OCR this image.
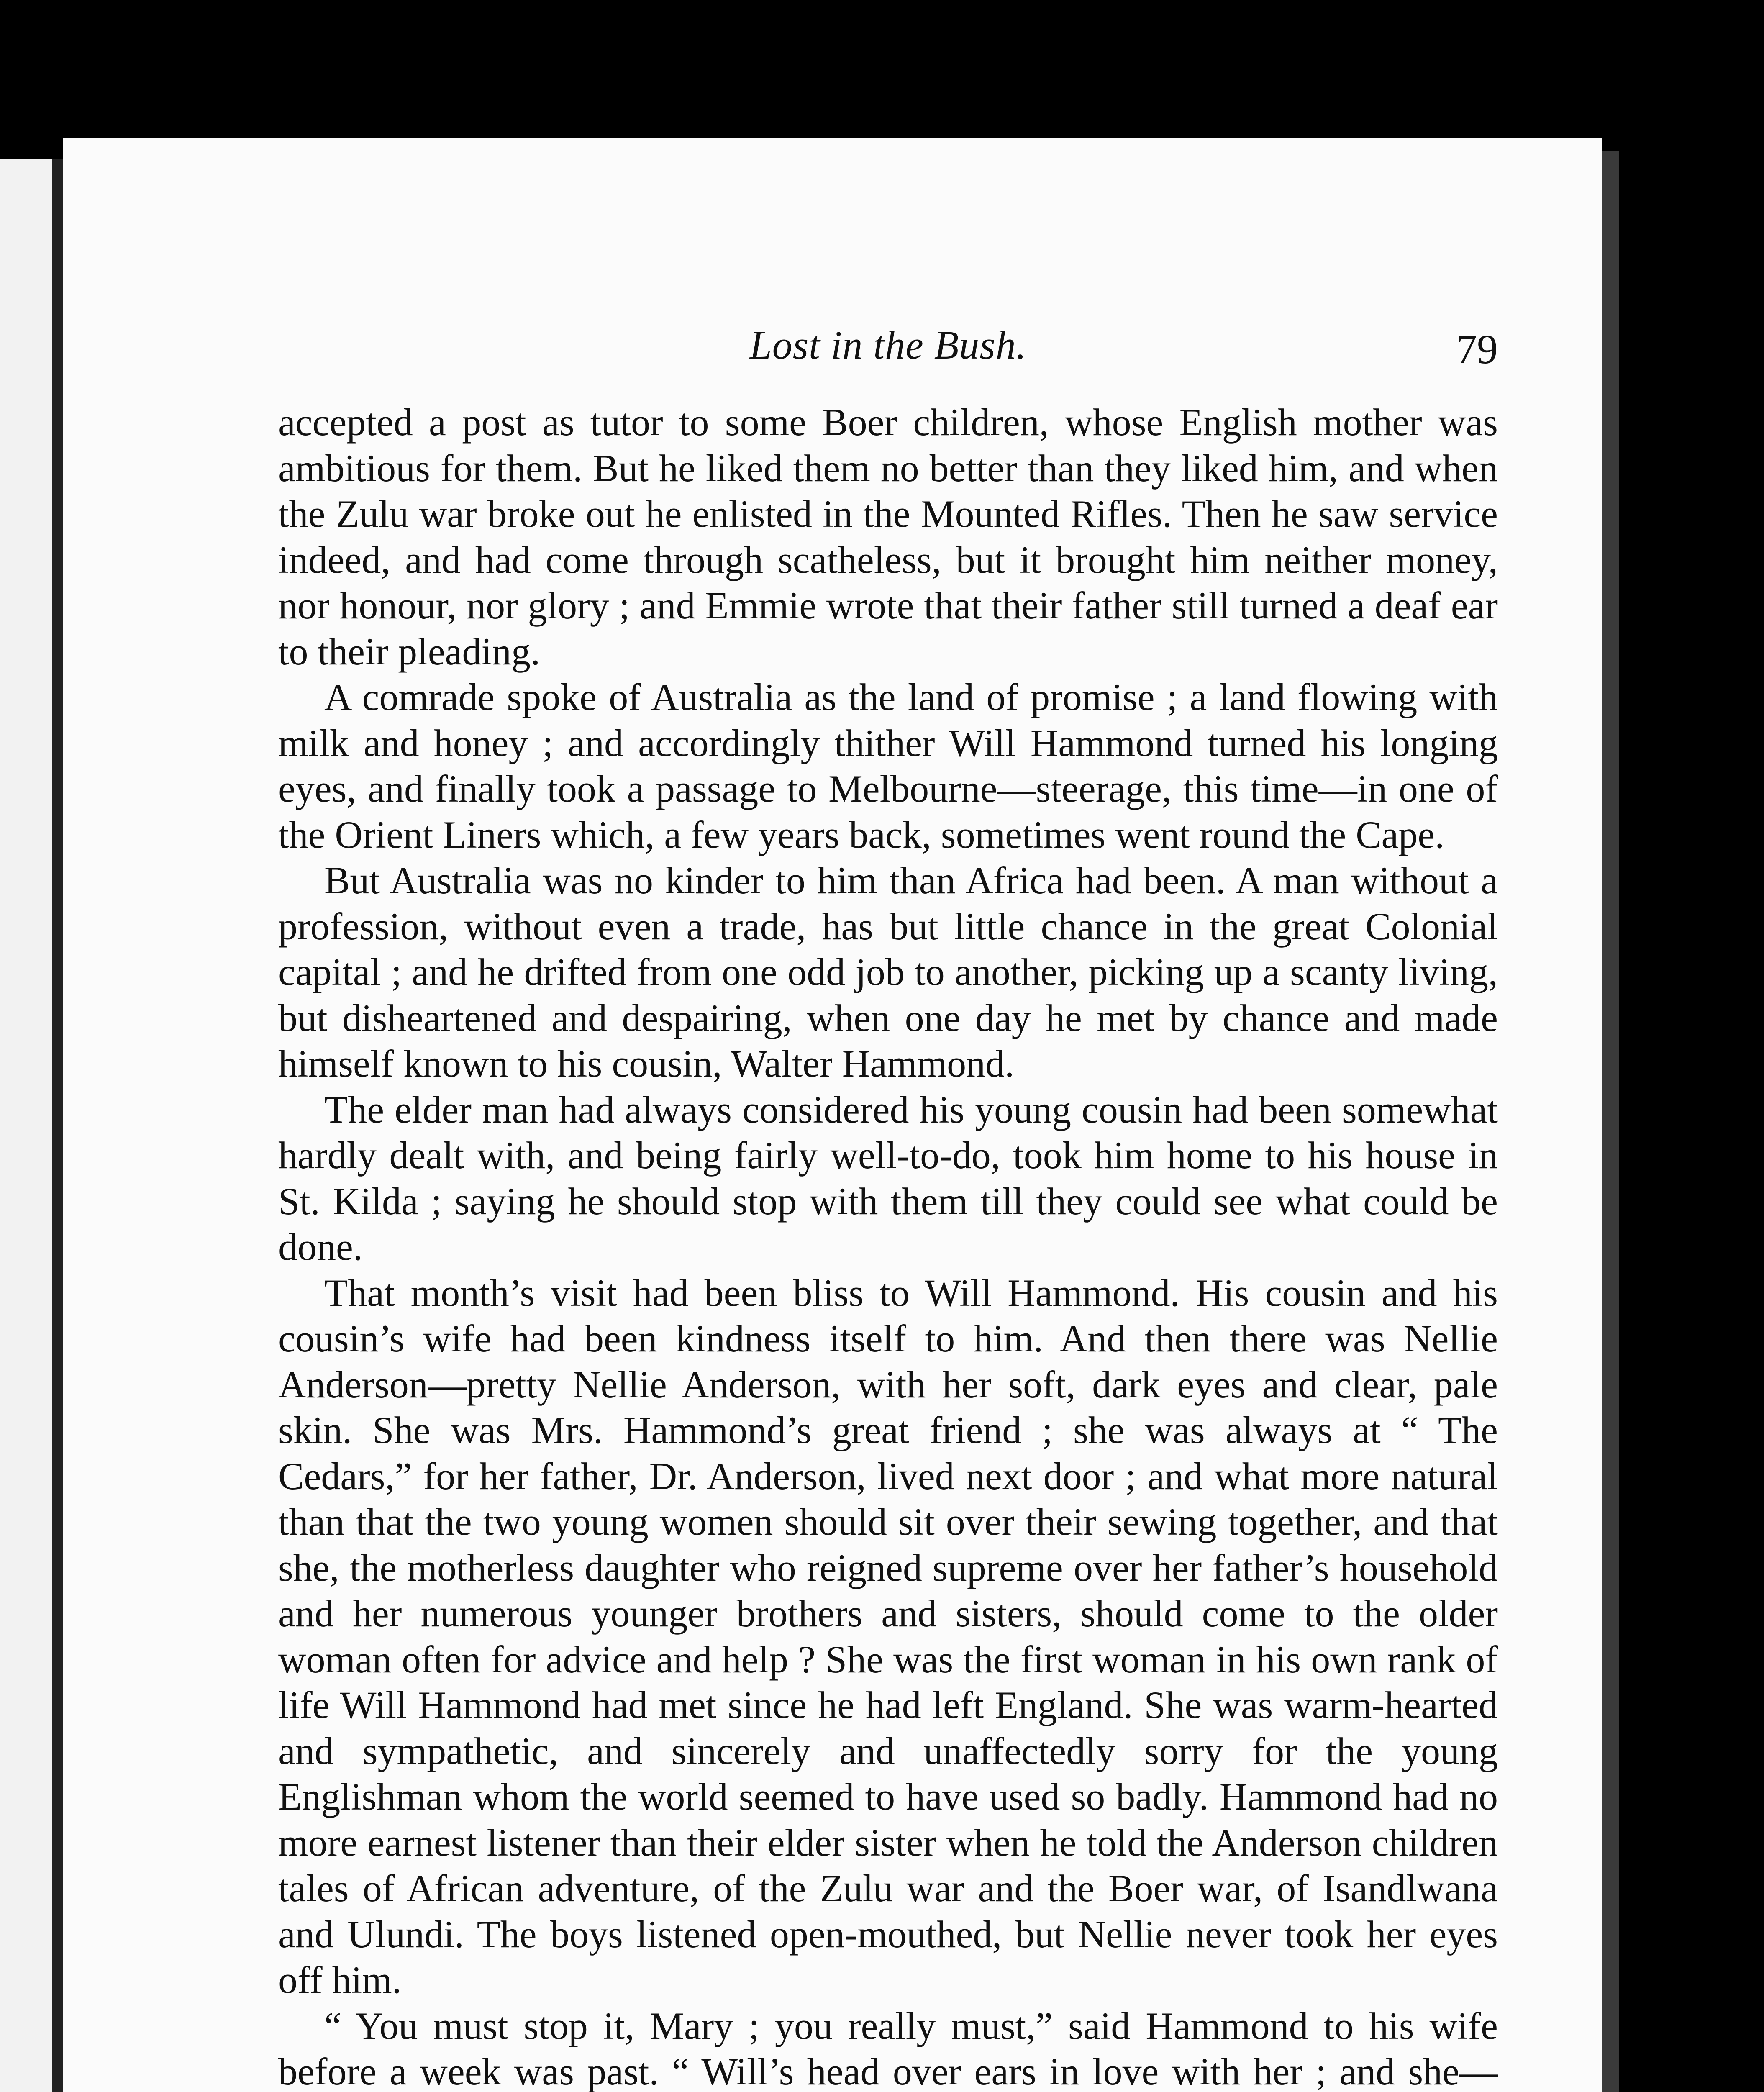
Lost in the Bush.	79

accepted a post as tutor to some Boer children, whose English mother was ambitious for them. But he liked them no better than they liked him, and when the Zulu war broke out he enlisted in the Mounted Rifles. Then he saw service indeed, and had come through scatheless, but it brought him neither money, nor honour, nor glory ; and Emmie wrote that their father still turned a deaf ear to their pleading.

A comrade spoke of Australia as the land of promise ; a land flowing with milk and honey ; and accordingly thither Will Hammond turned his longing eyes, and finally took a passage to Melbourne—steerage, this time—in one of the Orient Liners which, a few years back, sometimes went round the Cape.

But Australia was no kinder to him than Africa had been. A man without a profession, without even a trade, has but little chance in the great Colonial capital ; and he drifted from one odd job to another, picking up a scanty living, but disheartened and despairing, when one day he met by chance and made himself known to his cousin, Walter Hammond.

The elder man had always considered his young cousin had been somewhat hardly dealt with, and being fairly well-to-do, took him home to his house in St. Kilda ; saying he should stop with them till they could see what could be done.

That month’s visit had been bliss to Will Hammond. His cousin and his cousin’s wife had been kindness itself to him. And then there was Nellie Anderson—pretty Nellie Anderson, with her soft, dark eyes and clear, pale skin. She was Mrs. Hammond’s great friend ; she was always at “ The Cedars,” for her father, Dr. Anderson, lived next door ; and what more natural than that the two young women should sit over their sewing together, and that she, the motherless daughter who reigned supreme over her father’s household and her numerous younger brothers and sisters, should come to the older woman often for advice and help ? She was the first woman in his own rank of life Will Hammond had met since he had left England. She was warm-hearted and sympathetic, and sincerely and unaffectedly sorry for the young Englishman whom the world seemed to have used so badly. Hammond had no more earnest listener than their elder sister when he told the Anderson children tales of African adventure, of the Zulu war and the Boer war, of Isandlwana and Ulundi. The boys listened open-mouthed, but Nellie never took her eyes off him.

“ You must stop it, Mary ; you really must,” said Hammond to his wife before a week was past. “ Will’s head over ears in love with her ; and she—
